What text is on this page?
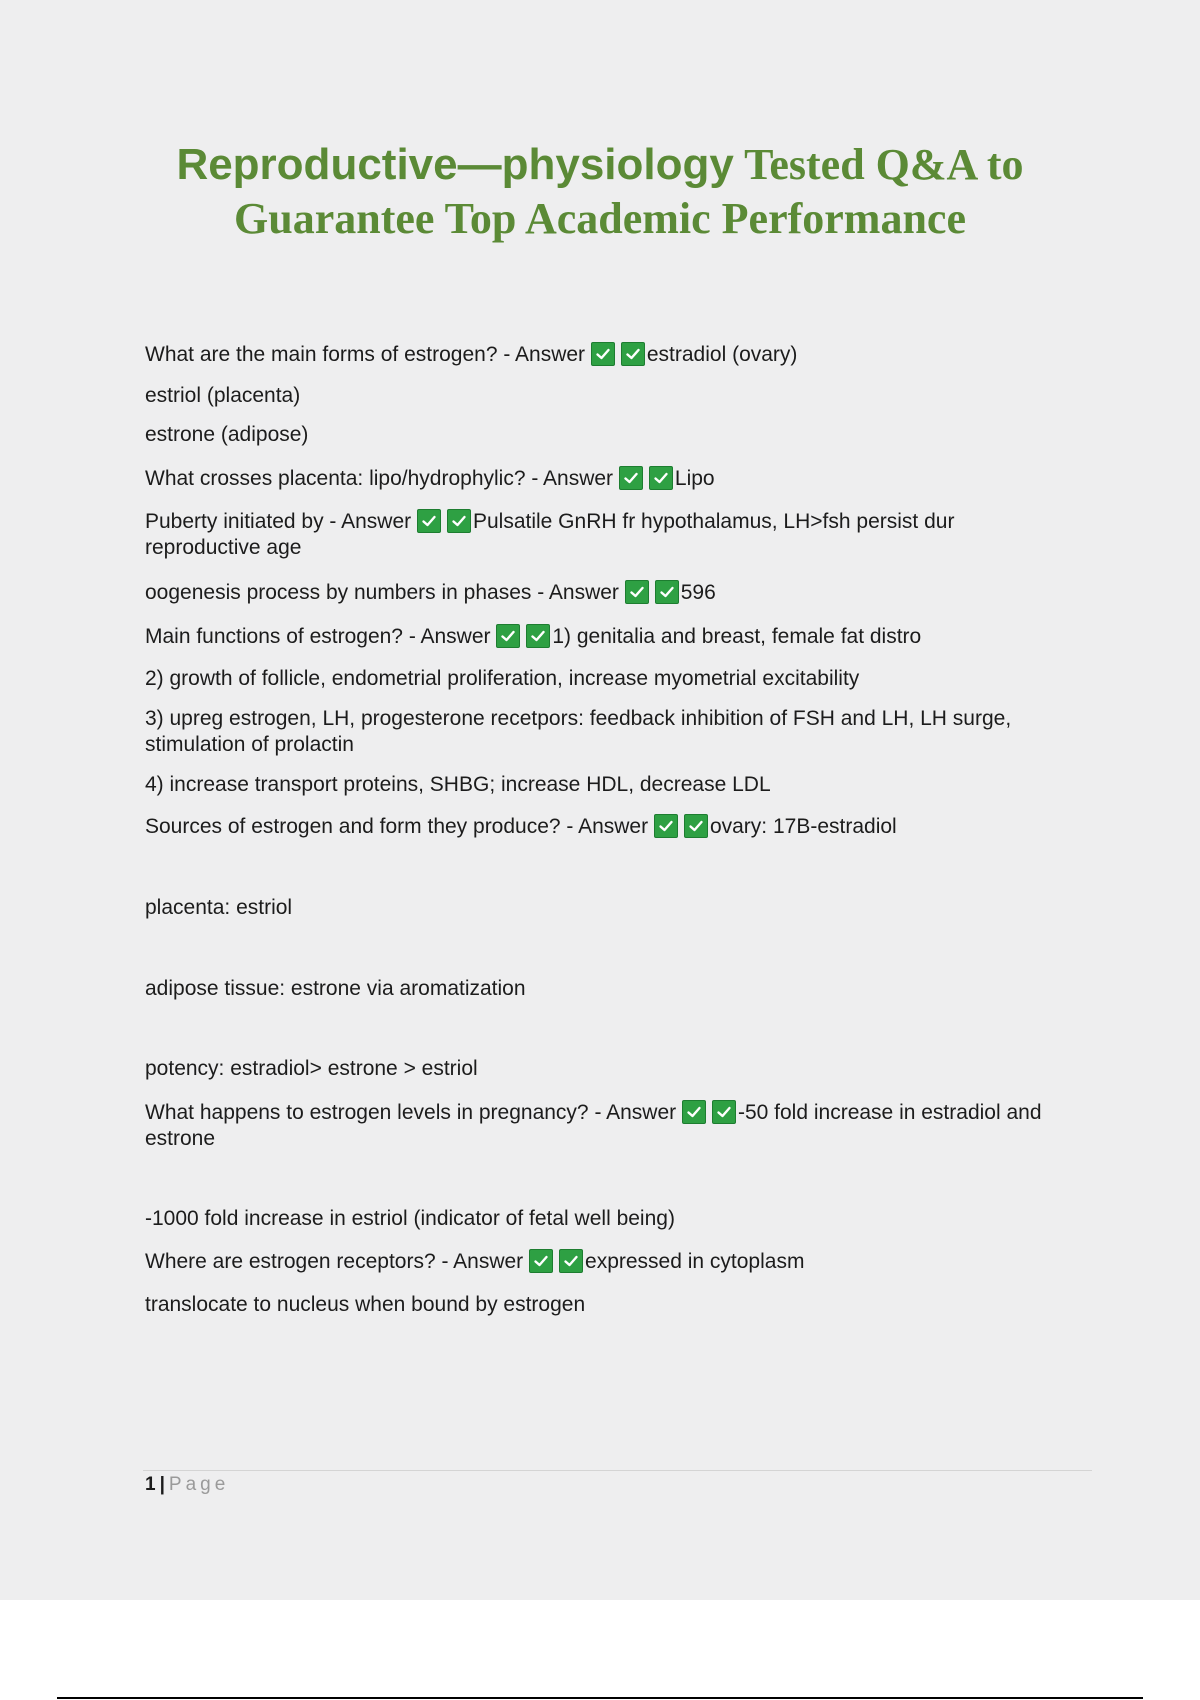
Reproductive—physiology Tested Q&A to
Guarantee Top Academic Performance
What are the main forms of estrogen? - Answer	estradiol (ovary)
estriol (placenta)
estrone (adipose)
What crosses placenta: lipo/hydrophylic? - Answer	Lipo
Puberty initiated by - Answer	Pulsatile GnRH fr hypothalamus, LH>fsh persist dur reproductive age
oogenesis process by numbers in phases - Answer	596
Main functions of estrogen? - Answer	1) genitalia and breast, female fat distro
2) growth of follicle, endometrial proliferation, increase myometrial excitability
3) upreg estrogen, LH, progesterone recetpors: feedback inhibition of FSH and LH, LH surge, stimulation of prolactin
4) increase transport proteins, SHBG; increase HDL, decrease LDL
Sources of estrogen and form they produce? - Answer	ovary: 17B-estradiol
placenta: estriol
adipose tissue: estrone via aromatization
potency: estradiol> estrone > estriol
What happens to estrogen levels in pregnancy? - Answer	-50 fold increase in estradiol and estrone
-1000 fold increase in estriol (indicator of fetal well being)
Where are estrogen receptors? - Answer	expressed in cytoplasm
translocate to nucleus when bound by estrogen
1 | Page
